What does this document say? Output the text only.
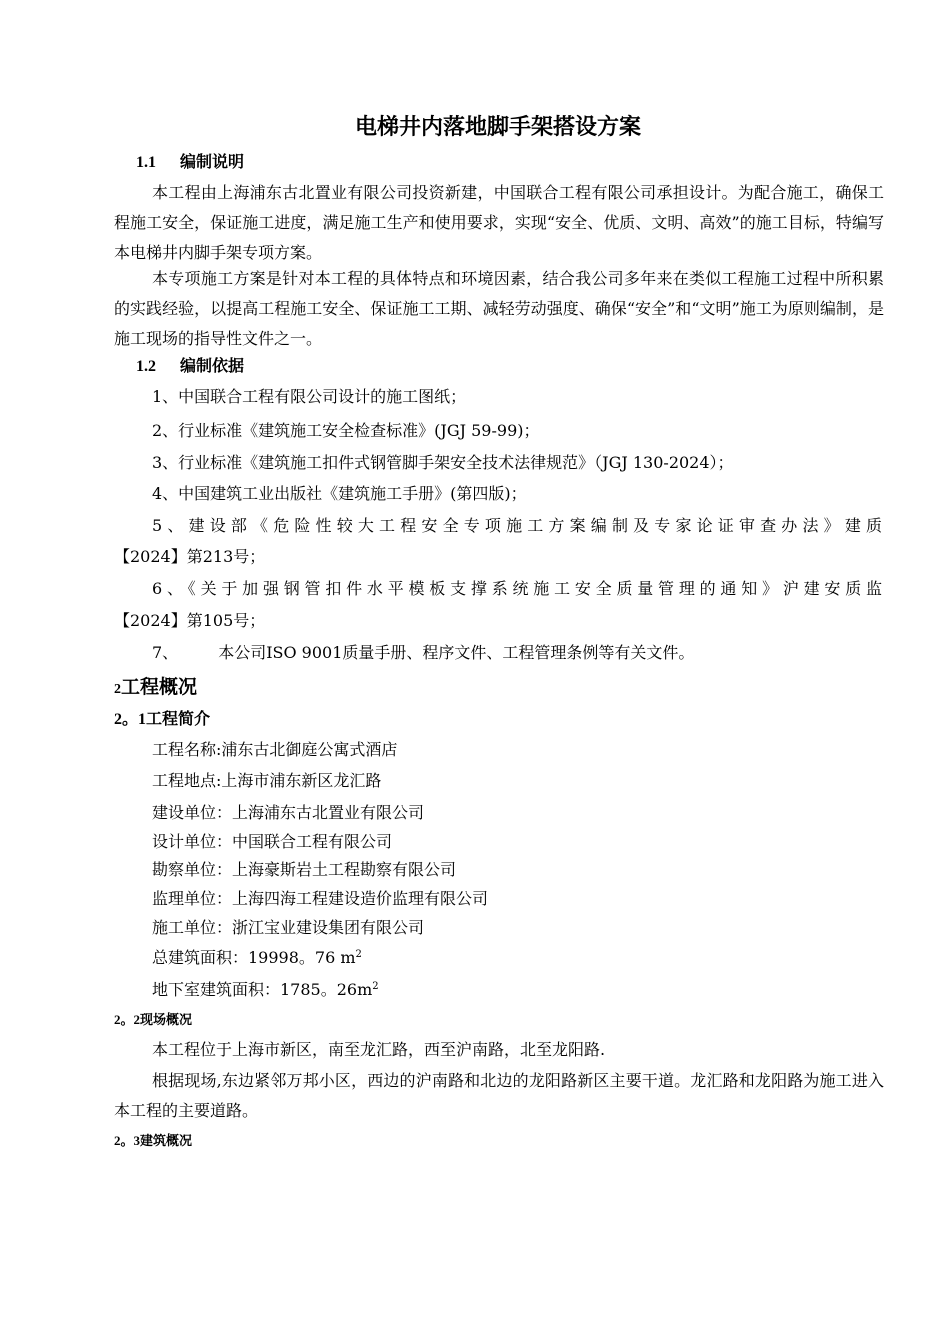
电梯井内落地脚手架搭设方案
1.1 编制说明
本工程由上海浦东古北置业有限公司投资新建，中国联合工程有限公司承担设计。为配合施工，确保工程施工安全，保证施工进度，满足施工生产和使用要求，实现“安全、优质、文明、高效”的施工目标，特编写本电梯井内脚手架专项方案。
本专项施工方案是针对本工程的具体特点和环境因素，结合我公司多年来在类似工程施工过程中所积累的实践经验，以提高工程施工安全、保证施工工期、减轻劳动强度、确保“安全”和“文明”施工为原则编制，是施工现场的指导性文件之一。
1.2 编制依据
1、中国联合工程有限公司设计的施工图纸；
2、行业标准《建筑施工安全检查标准》(JGJ 59-99)；
3、行业标准《建筑施工扣件式钢管脚手架安全技术法律规范》（JGJ 130-2024）；
4、中国建筑工业出版社《建筑施工手册》(第四版)；
5、建设部《危险性较大工程安全专项施工方案编制及专家论证审查办法》建质
【2024】第213号；
6、《关于加强钢管扣件水平模板支撑系统施工安全质量管理的通知》沪建安质监
【2024】第105号；
7、	本公司ISO 9001质量手册、程序文件、工程管理条例等有关文件。
2工程概况
2。1工程简介
工程名称:浦东古北御庭公寓式酒店
工程地点:上海市浦东新区龙汇路
建设单位：上海浦东古北置业有限公司
设计单位：中国联合工程有限公司
勘察单位：上海豪斯岩土工程勘察有限公司
监理单位：上海四海工程建设造价监理有限公司
施工单位：浙江宝业建设集团有限公司
总建筑面积：19998。76 $m^2$
地下室建筑面积：1785。$26m^2$
2。2现场概况
本工程位于上海市新区，南至龙汇路，西至沪南路，北至龙阳路.
根据现场,东边紧邻万邦小区，西边的沪南路和北边的龙阳路新区主要干道。龙汇路和龙阳路为施工进入本工程的主要道路。
2。3建筑概况
